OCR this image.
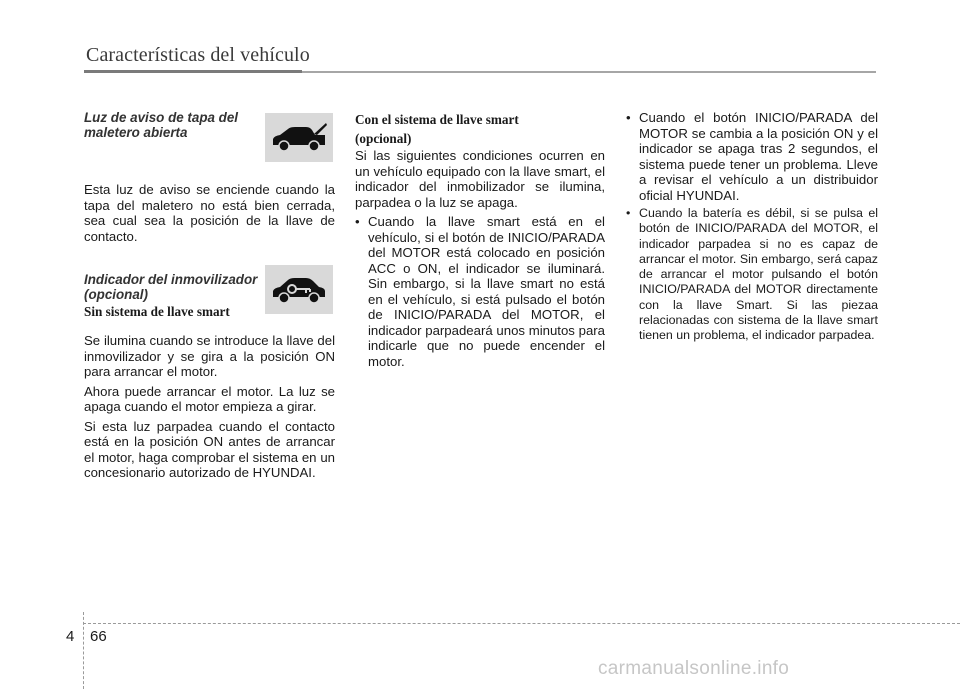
Características del vehículo
Luz de aviso de tapa del maletero abierta

Esta luz de aviso se enciende cuando la tapa del maletero no está bien cerrada, sea cual sea la posición de la llave de contacto.

Indicador del inmovilizador (opcional)
Sin sistema de llave smart

Se ilumina cuando se introduce la llave del inmovilizador y se gira a la posición ON para arrancar el motor.

Ahora puede arrancar el motor. La luz se apaga cuando el motor empieza a girar.

Si esta luz parpadea cuando el contacto está en la posición ON antes de arrancar el motor, haga comprobar el sistema en un concesionario autorizado de HYUNDAI.

Con el sistema de llave smart
(opcional)

Si las siguientes condiciones ocurren en un vehículo equipado con la llave smart, el indicador del inmobilizador se ilumina, parpadea o la luz se apaga.

• Cuando la llave smart está en el vehículo, si el botón de INICIO/PARADA del MOTOR está colocado en posición ACC o ON, el indicador se iluminará. Sin embargo, si la llave smart no está en el vehículo, si está pulsado el botón de INICIO/PARADA del MOTOR, el indicador parpadeará unos minutos para indicarle que no puede encender el motor.
• Cuando el botón INICIO/PARADA del MOTOR se cambia a la posición ON y el indicador se apaga tras 2 segundos, el sistema puede tener un problema. Lleve a revisar el vehículo a un distribuidor oficial HYUNDAI.
• Cuando la batería es débil, si se pulsa el botón de INICIO/PARADA del MOTOR, el indicador parpadea si no es capaz de arrancar el motor. Sin embargo, será capaz de arrancar el motor pulsando el botón INICIO/PARADA del MOTOR directamente con la llave Smart. Si las piezaa relacionadas con sistema de la llave smart tienen un problema, el indicador parpadea.
4 66
carmanualsonline.info
